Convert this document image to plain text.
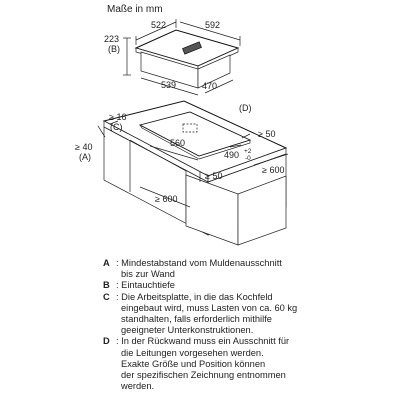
Maße in mm
522	592
223
(B)
539	470
(D)
≥ 16
(C)
560
≥ 40
(A)
≥ 50
490 +2
-0
≥ 50
≥ 600
≥ 600
A : Mindestabstand vom Muldenausschnitt
bis zur Wand
B : Eintauchtiefe
C : Die Arbeitsplatte, in die das Kochfeld
eingebaut wird, muss Lasten von ca. 60 kg
standhalten, falls erforderlich mithilfe
geeigneter Unterkonstruktionen.
D : In der Rückwand muss ein Ausschnitt für
die Leitungen vorgesehen werden.
Exakte Größe und Position können
der spezifischen Zeichnung entnommen
werden.
